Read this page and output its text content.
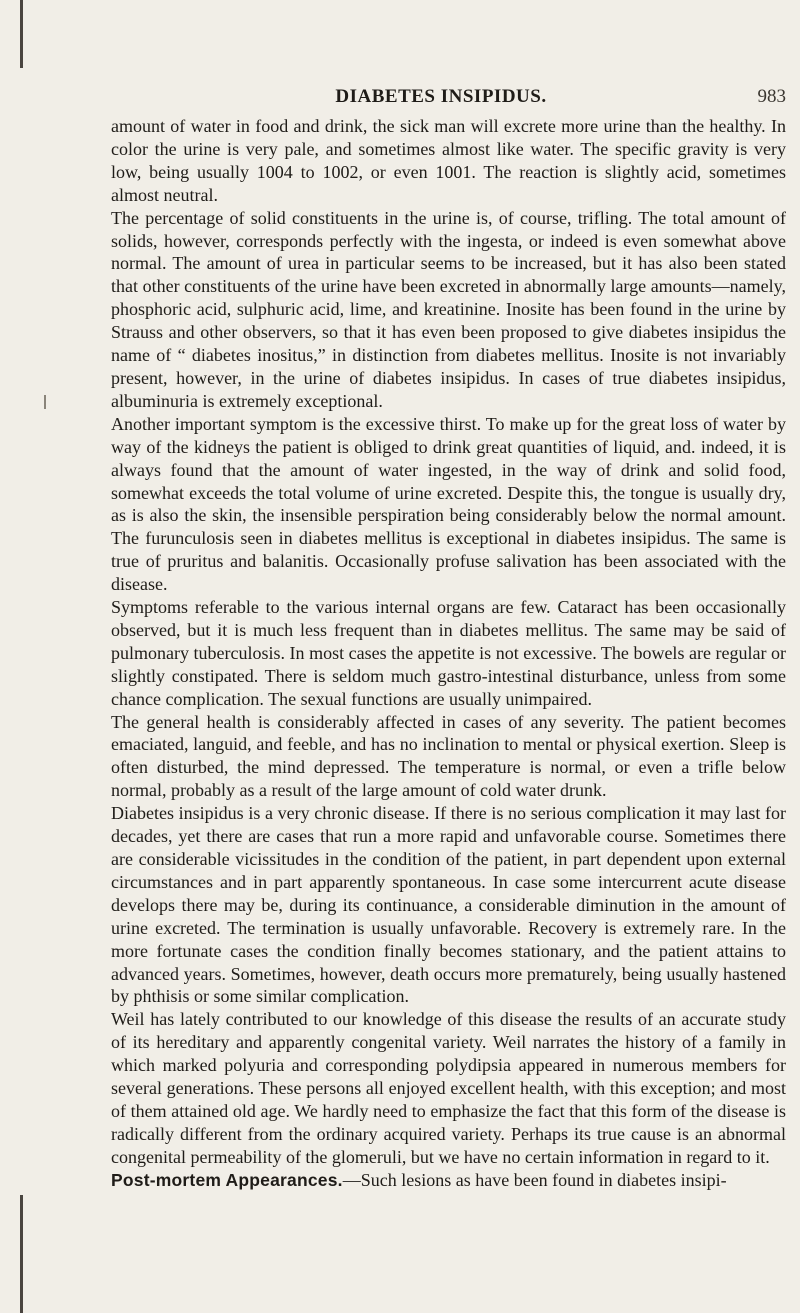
DIABETES INSIPIDUS.	983

amount of water in food and drink, the sick man will excrete more urine than the healthy. In color the urine is very pale, and sometimes almost like water. The specific gravity is very low, being usually 1004 to 1002, or even 1001. The reaction is slightly acid, sometimes almost neutral.

The percentage of solid constituents in the urine is, of course, trifling. The total amount of solids, however, corresponds perfectly with the ingesta, or indeed is even somewhat above normal. The amount of urea in particular seems to be increased, but it has also been stated that other constituents of the urine have been excreted in abnormally large amounts—namely, phosphoric acid, sulphuric acid, lime, and kreatinine. Inosite has been found in the urine by Strauss and other observers, so that it has even been proposed to give diabetes insipidus the name of “ diabetes inositus,” in distinction from diabetes mellitus. Inosite is not invariably present, however, in the urine of diabetes insipidus. In cases of true diabetes insipidus, albuminuria is extremely exceptional.

Another important symptom is the excessive thirst. To make up for the great loss of water by way of the kidneys the patient is obliged to drink great quantities of liquid, and. indeed, it is always found that the amount of water ingested, in the way of drink and solid food, somewhat exceeds the total volume of urine excreted. Despite this, the tongue is usually dry, as is also the skin, the insensible perspiration being considerably below the normal amount. The furunculosis seen in diabetes mellitus is exceptional in diabetes insipidus. The same is true of pruritus and balanitis. Occasionally profuse salivation has been associated with the disease.

Symptoms referable to the various internal organs are few. Cataract has been occasionally observed, but it is much less frequent than in diabetes mellitus. The same may be said of pulmonary tuberculosis. In most cases the appetite is not excessive. The bowels are regular or slightly constipated. There is seldom much gastro-intestinal disturbance, unless from some chance complication. The sexual functions are usually unimpaired.

The general health is considerably affected in cases of any severity. The patient becomes emaciated, languid, and feeble, and has no inclination to mental or physical exertion. Sleep is often disturbed, the mind depressed. The temperature is normal, or even a trifle below normal, probably as a result of the large amount of cold water drunk.

Diabetes insipidus is a very chronic disease. If there is no serious complication it may last for decades, yet there are cases that run a more rapid and unfavorable course. Sometimes there are considerable vicissitudes in the condition of the patient, in part dependent upon external circumstances and in part apparently spontaneous. In case some intercurrent acute disease develops there may be, during its continuance, a considerable diminution in the amount of urine excreted. The termination is usually unfavorable. Recovery is extremely rare. In the more fortunate cases the condition finally becomes stationary, and the patient attains to advanced years. Sometimes, however, death occurs more prematurely, being usually hastened by phthisis or some similar complication.

Weil has lately contributed to our knowledge of this disease the results of an accurate study of its hereditary and apparently congenital variety. Weil narrates the history of a family in which marked polyuria and corresponding polydipsia appeared in numerous members for several generations. These persons all enjoyed excellent health, with this exception; and most of them attained old age. We hardly need to emphasize the fact that this form of the disease is radically different from the ordinary acquired variety. Perhaps its true cause is an abnormal congenital permeability of the glomeruli, but we have no certain information in regard to it.

Post-mortem Appearances.—Such lesions as have been found in diabetes insipi-
